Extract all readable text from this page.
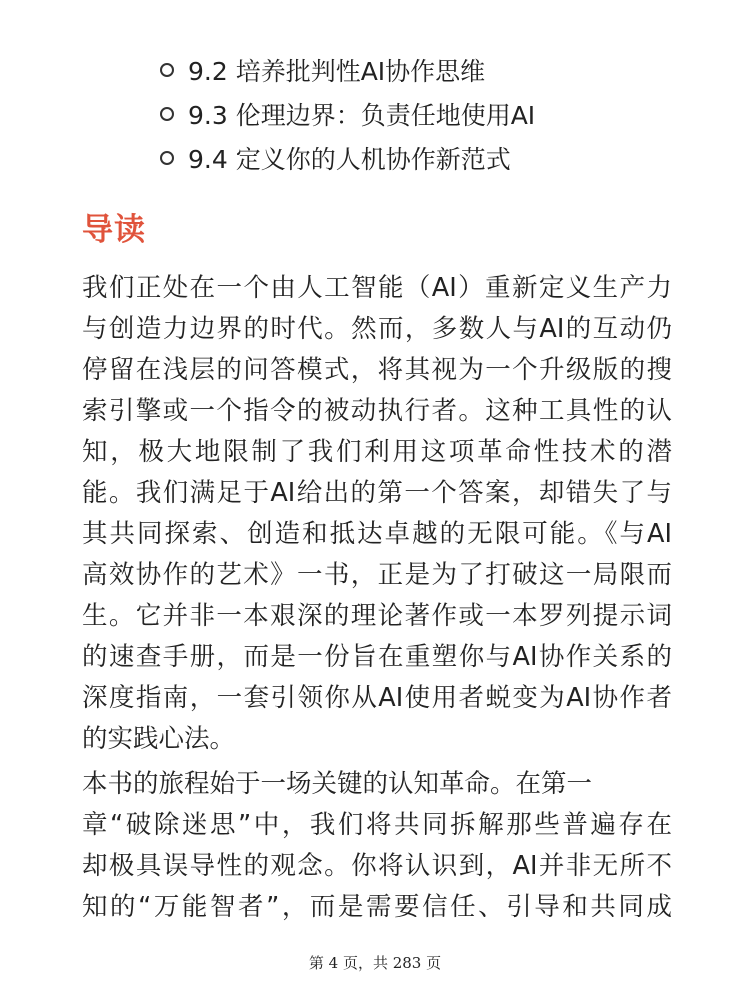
9.2 培养批判性AI协作思维
9.3 伦理边界：负责任地使用AI
9.4 定义你的人机协作新范式
导读

我们正处在一个由人工智能（AI）重新定义生产力
与创造力边界的时代。然而，多数人与AI的互动仍
停留在浅层的问答模式，将其视为一个升级版的搜
索引擎或一个指令的被动执行者。这种工具性的认
知，极大地限制了我们利用这项革命性技术的潜
能。我们满足于AI给出的第一个答案，却错失了与
其共同探索、创造和抵达卓越的无限可能。《与AI
高效协作的艺术》一书，正是为了打破这一局限而
生。它并非一本艰深的理论著作或一本罗列提示词
的速查手册，而是一份旨在重塑你与AI协作关系的
深度指南，一套引领你从AI使用者蜕变为AI协作者
的实践心法。

本书的旅程始于一场关键的认知革命。在第一
章“破除迷思”中，我们将共同拆解那些普遍存在
却极具误导性的观念。你将认识到，AI并非无所不
知的“万能智者”，而是需要信任、引导和共同成

第 4 页，共 283 页
